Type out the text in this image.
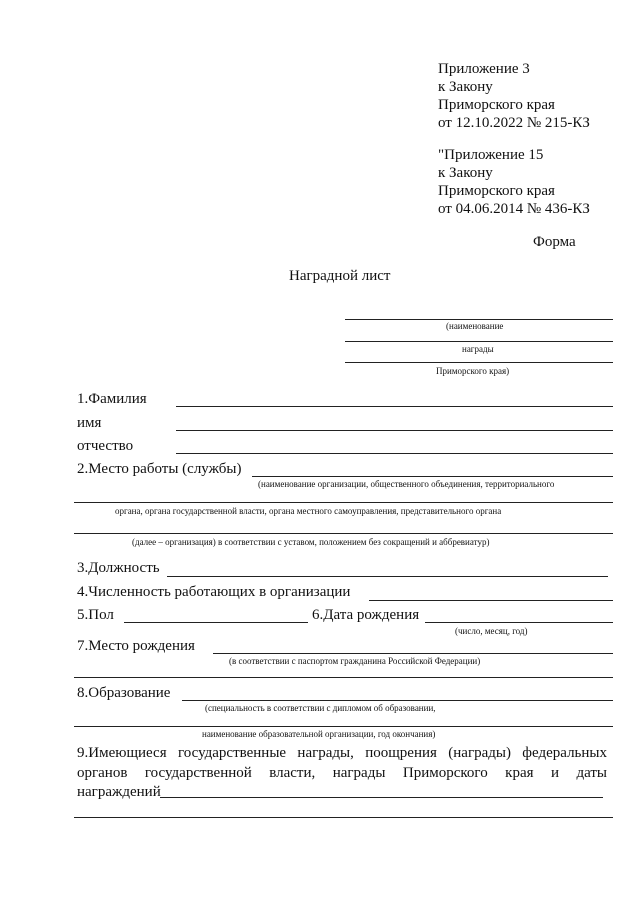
Приложение 3
к Закону
Приморского края
от 12.10.2022 № 215-КЗ
"Приложение 15
к Закону
Приморского края
от 04.06.2014 № 436-КЗ
Форма
Наградной лист
(наименование
награды
Приморского края)
1.Фамилия
имя
отчество
2.Место работы (службы)
(наименование организации, общественного объединения, территориального
органа, органа государственной власти, органа местного самоуправления, представительного органа
(далее – организация) в соответствии с уставом, положением без сокращений и аббревиатур)
3.Должность
4.Численность работающих в организации
5.Пол	6.Дата рождения
(число, месяц, год)
7.Место рождения
(в соответствии с паспортом гражданина Российской Федерации)
8.Образование
(специальность в соответствии с дипломом об образовании,
наименование образовательной организации, год окончания)
9.Имеющиеся государственные награды, поощрения (награды) федеральных
органов государственной власти, награды Приморского края и даты
награждений
